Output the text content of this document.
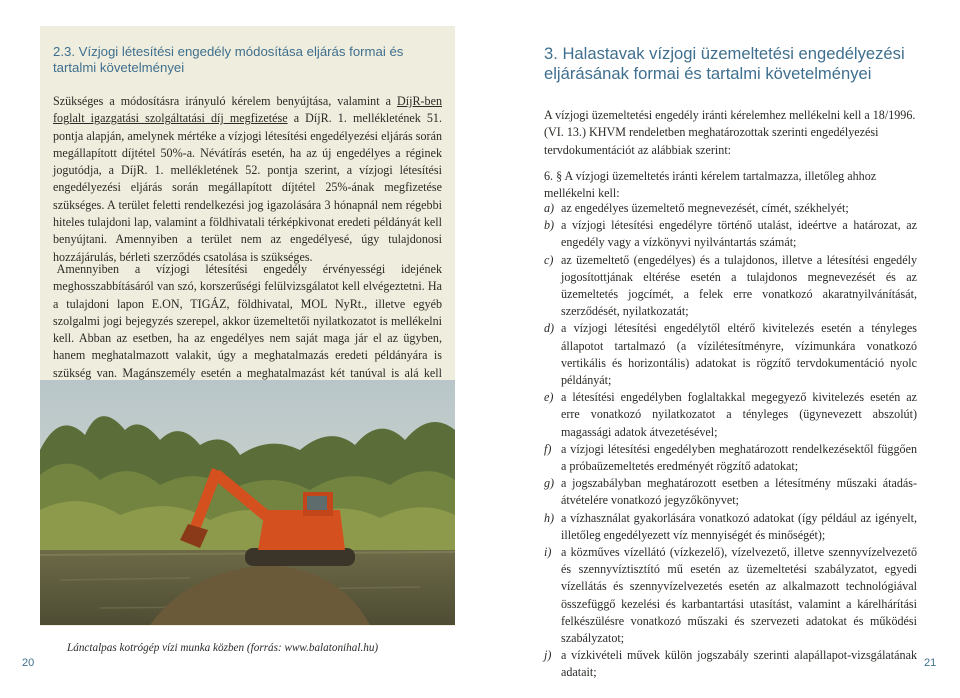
2.3. Vízjogi létesítési engedély módosítása eljárás formai és tartalmi követelményei

Szükséges a módosításra irányuló kérelem benyújtása, valamint a DíjR-ben foglalt igazgatási szolgáltatási díj megfizetése a DíjR. 1. mellékletének 51. pontja alapján, amelynek mértéke a vízjogi létesítési engedélyezési eljárás során megállapított díjtétel 50%-a. Névátírás esetén, ha az új engedélyes a réginek jogutódja, a DíjR. 1. mellékletének 52. pontja szerint, a vízjogi létesítési engedélyezési eljárás során megállapított díjtétel 25%-ának megfizetése szükséges. A terület feletti rendelkezési jog igazolására 3 hónapnál nem régebbi hiteles tulajdoni lap, valamint a földhivatali térképkivonat eredeti példányát kell benyújtani. Amennyiben a terület nem az engedélyesé, úgy tulajdonosi hozzájárulás, bérleti szerződés csatolása is szükséges.

Amennyiben a vízjogi létesítési engedély érvényességi idejének meghosszabbításáról van szó, korszerűségi felülvizsgálatot kell elvégeztetni. Ha a tulajdoni lapon E.ON, TIGÁZ, földhivatal, MOL NyRt., illetve egyéb szolgalmi jogi bejegyzés szerepel, akkor üzemeltetői nyilatkozatot is mellékelni kell. Abban az esetben, ha az engedélyes nem saját maga jár el az ügyben, hanem meghatalmazott valakit, úgy a meghatalmazás eredeti példányára is szükség van. Magánszemély esetén a meghatalmazást két tanúval is alá kell

Lánctalpas kotrógép vízi munka közben (forrás: www.balatonihal.hu)
20
3. Halastavak vízjogi üzemeltetési engedélyezési eljárásának formai és tartalmi követelményei

A vízjogi üzemeltetési engedély iránti kérelemhez mellékelni kell a 18/1996. (VI. 13.) KHVM rendeletben meghatározottak szerinti engedélyezési tervdokumentációt az alábbiak szerint:

6. § A vízjogi üzemeltetés iránti kérelem tartalmazza, illetőleg ahhoz mellékelni kell:

a) az engedélyes üzemeltető megnevezését, címét, székhelyét;
b) a vízjogi létesítési engedélyre történő utalást, ideértve a határozat, az engedély vagy a vízkönyvi nyilvántartás számát;
c) az üzemeltető (engedélyes) és a tulajdonos, illetve a létesítési engedély jogosítottjának eltérése esetén a tulajdonos megnevezését és az üzemeltetés jogcímét, a felek erre vonatkozó akaratnyilvánítását, szerződését, nyilatkozatát;
d) a vízjogi létesítési engedélytől eltérő kivitelezés esetén a tényleges állapotot tartalmazó (a vízilétesítményre, vízimunkára vonatkozó vertikális és horizontális) adatokat is rögzítő tervdokumentáció nyolc példányát;
e) a létesítési engedélyben foglaltakkal megegyező kivitelezés esetén az erre vonatkozó nyilatkozatot a tényleges (ügynevezett abszolút) magassági adatok átvezetésével;
f) a vízjogi létesítési engedélyben meghatározott rendelkezésektől függően a próbaüzemeltetés eredményét rögzítő adatokat;
g) a jogszabályban meghatározott esetben a létesítmény műszaki átadás-átvételére vonatkozó jegyzőkönyvet;
h) a vízhasználat gyakorlására vonatkozó adatokat (így például az igényelt, illetőleg engedélyezett víz mennyiségét és minőségét);
i) a közműves vízellátó (vízkezelő), vízelvezető, illetve szennyvízelvezető és szennyvíztisztító mű esetén az üzemeltetési szabályzatot, egyedi vízellátás és szennyvízelvezetés esetén az alkalmazott technológiával összefüggő kezelési és karbantartási utasítást, valamint a kárelhárítási felkészülésre vonatkozó műszaki és szervezeti adatokat és működési szabályzatot;
j) a vízkivételi művek külön jogszabály szerinti alapállapot-vizsgálatának adatait;
21
